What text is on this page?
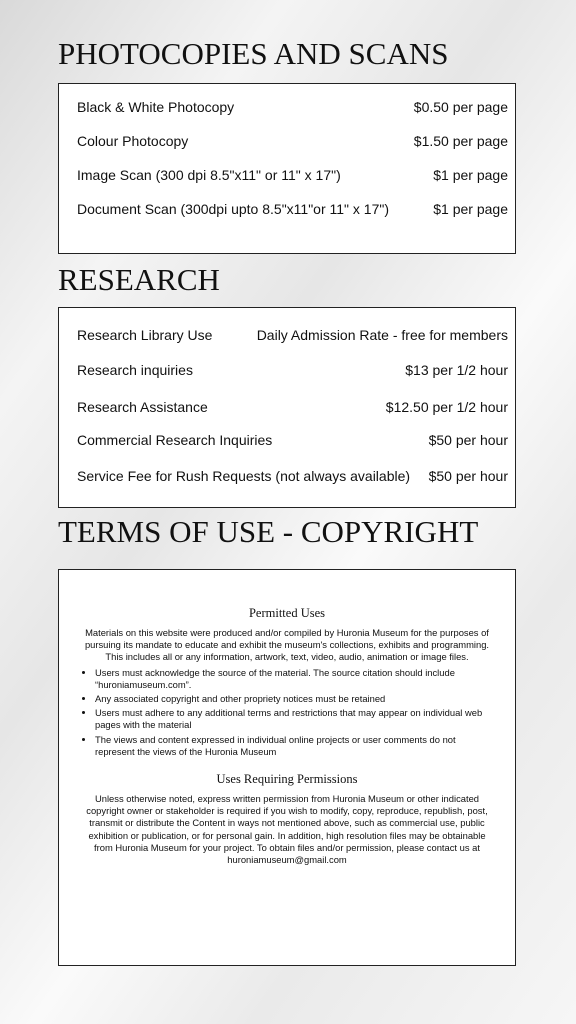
PHOTOCOPIES AND SCANS
Black & White Photocopy	$0.50 per page
Colour Photocopy	$1.50 per page
Image Scan (300 dpi 8.5"x11" or 11" x 17")	$1 per page
Document Scan (300dpi upto 8.5"x11"or 11" x 17")	$1 per page
RESEARCH
Research Library Use	Daily Admission Rate - free for members
Research inquiries	$13 per 1/2 hour
Research Assistance	$12.50 per 1/2 hour
Commercial Research Inquiries	$50 per hour
Service Fee for Rush Requests (not always available) $50 per hour
TERMS OF USE - COPYRIGHT

Permitted Uses

Materials on this website were produced and/or compiled by Huronia Museum for the purposes of pursuing its mandate to educate and exhibit the museum's collections, exhibits and programming. This includes all or any information, artwork, text, video, audio, animation or image files.

• Users must acknowledge the source of the material. The source citation should include “huroniamuseum.com”.
• Any associated copyright and other propriety notices must be retained
• Users must adhere to any additional terms and restrictions that may appear on individual web pages with the material
• The views and content expressed in individual online projects or user comments do not represent the views of the Huronia Museum

Uses Requiring Permissions

Unless otherwise noted, express written permission from Huronia Museum or other indicated copyright owner or stakeholder is required if you wish to modify, copy, reproduce, republish, post, transmit or distribute the Content in ways not mentioned above, such as commercial use, public exhibition or publication, or for personal gain. In addition, high resolution files may be obtainable from Huronia Museum for your project. To obtain files and/or permission, please contact us at huroniamuseum@gmail.com
